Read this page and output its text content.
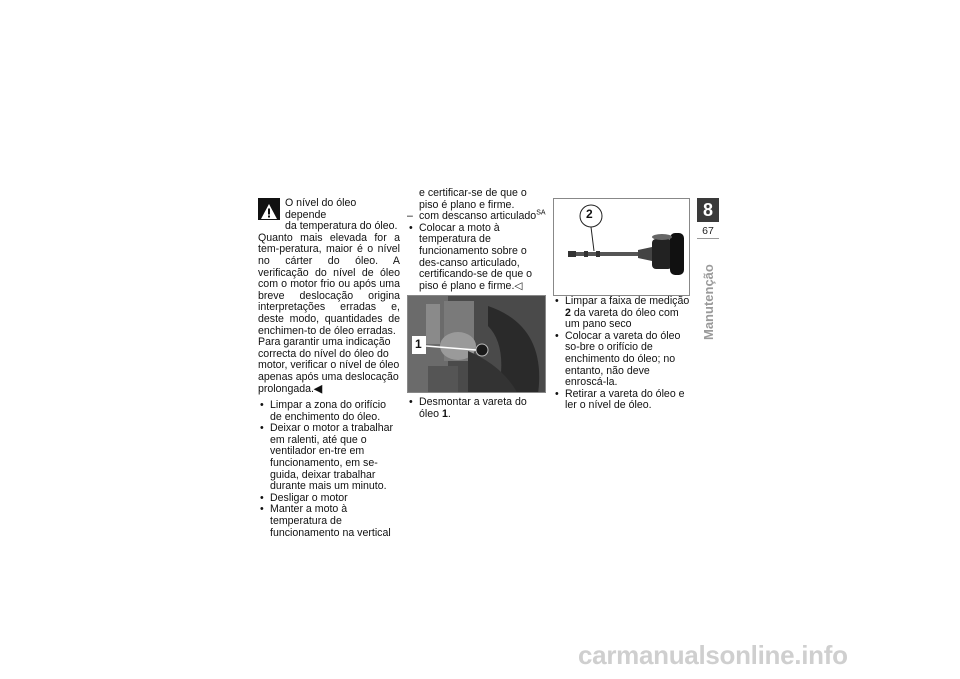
O nível do óleo depende

da temperatura do óleo.

Quanto mais elevada for a tem-peratura, maior é o nível no cárter do óleo. A verificação do nível de óleo com o motor frio ou após uma breve deslocação origina interpretações erradas e, deste modo, quantidades de enchimen-to de óleo erradas.

Para garantir uma indicação correcta do nível do óleo do motor, verificar o nível de óleo apenas após uma deslocação prolongada.◀

• Limpar a zona do orifício de enchimento do óleo.
• Deixar o motor a trabalhar em ralenti, até que o ventilador en-tre em funcionamento, em se-guida, deixar trabalhar durante mais um minuto.
• Desligar o motor
• Manter a moto à temperatura de funcionamento na vertical

e certificar-se de que o piso é plano e firme.

– com descanso articulado$^{SA}$
• Colocar a moto à temperatura de funcionamento sobre o des-canso articulado, certificando-se de que o piso é plano e firme.◁
1
• Desmontar a vareta do óleo 1.
2
• Limpar a faixa de medição 2 da vareta do óleo com um pano seco
• Colocar a vareta do óleo so-bre o orifício de enchimento do óleo; no entanto, não deve enroscá-la.
• Retirar a vareta do óleo e ler o nível de óleo.
8
67
Manutenção
carmanualsonline.info
